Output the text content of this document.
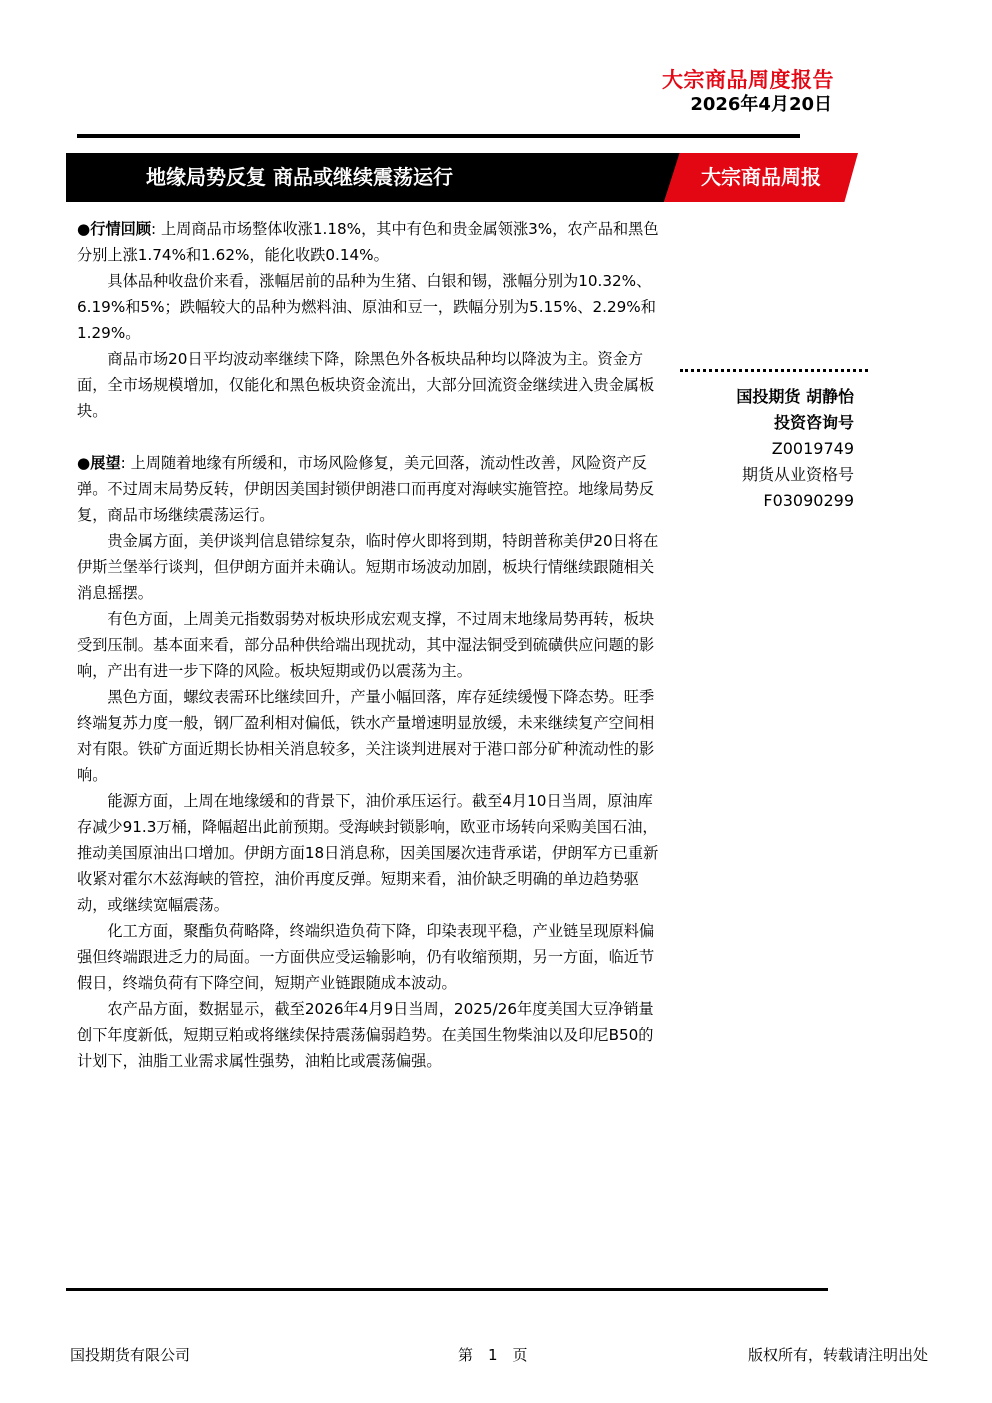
大宗商品周度报告
2026年4月20日
地缘局势反复 商品或继续震荡运行	大宗商品周报

●行情回顾: 上周商品市场整体收涨1.18%，其中有色和贵金属领涨3%，农产品和黑色分别上涨1.74%和1.62%，能化收跌0.14%。

具体品种收盘价来看，涨幅居前的品种为生猪、白银和锡，涨幅分别为10.32%、6.19%和5%；跌幅较大的品种为燃料油、原油和豆一，跌幅分别为5.15%、2.29%和1.29%。

商品市场20日平均波动率继续下降，除黑色外各板块品种均以降波为主。资金方面，全市场规模增加，仅能化和黑色板块资金流出，大部分回流资金继续进入贵金属板块。

●展望: 上周随着地缘有所缓和，市场风险修复，美元回落，流动性改善，风险资产反弹。不过周末局势反转，伊朗因美国封锁伊朗港口而再度对海峡实施管控。地缘局势反复，商品市场继续震荡运行。

贵金属方面，美伊谈判信息错综复杂，临时停火即将到期，特朗普称美伊20日将在伊斯兰堡举行谈判，但伊朗方面并未确认。短期市场波动加剧，板块行情继续跟随相关消息摇摆。

有色方面，上周美元指数弱势对板块形成宏观支撑，不过周末地缘局势再转，板块受到压制。基本面来看，部分品种供给端出现扰动，其中湿法铜受到硫磺供应问题的影响，产出有进一步下降的风险。板块短期或仍以震荡为主。

黑色方面，螺纹表需环比继续回升，产量小幅回落，库存延续缓慢下降态势。旺季终端复苏力度一般，钢厂盈利相对偏低，铁水产量增速明显放缓，未来继续复产空间相对有限。铁矿方面近期长协相关消息较多，关注谈判进展对于港口部分矿种流动性的影响。

能源方面，上周在地缘缓和的背景下，油价承压运行。截至4月10日当周，原油库存减少91.3万桶，降幅超出此前预期。受海峡封锁影响，欧亚市场转向采购美国石油，推动美国原油出口增加。伊朗方面18日消息称，因美国屡次违背承诺，伊朗军方已重新收紧对霍尔木兹海峡的管控，油价再度反弹。短期来看，油价缺乏明确的单边趋势驱动，或继续宽幅震荡。

化工方面，聚酯负荷略降，终端织造负荷下降，印染表现平稳，产业链呈现原料偏强但终端跟进乏力的局面。一方面供应受运输影响，仍有收缩预期，另一方面，临近节假日，终端负荷有下降空间，短期产业链跟随成本波动。

农产品方面，数据显示，截至2026年4月9日当周，2025/26年度美国大豆净销量创下年度新低，短期豆粕或将继续保持震荡偏弱趋势。在美国生物柴油以及印尼B50的计划下，油脂工业需求属性强势，油粕比或震荡偏强。

国投期货 胡静怡
投资咨询号
Z0019749
期货从业资格号
F03090299
国投期货有限公司	第　1　页	版权所有，转载请注明出处
